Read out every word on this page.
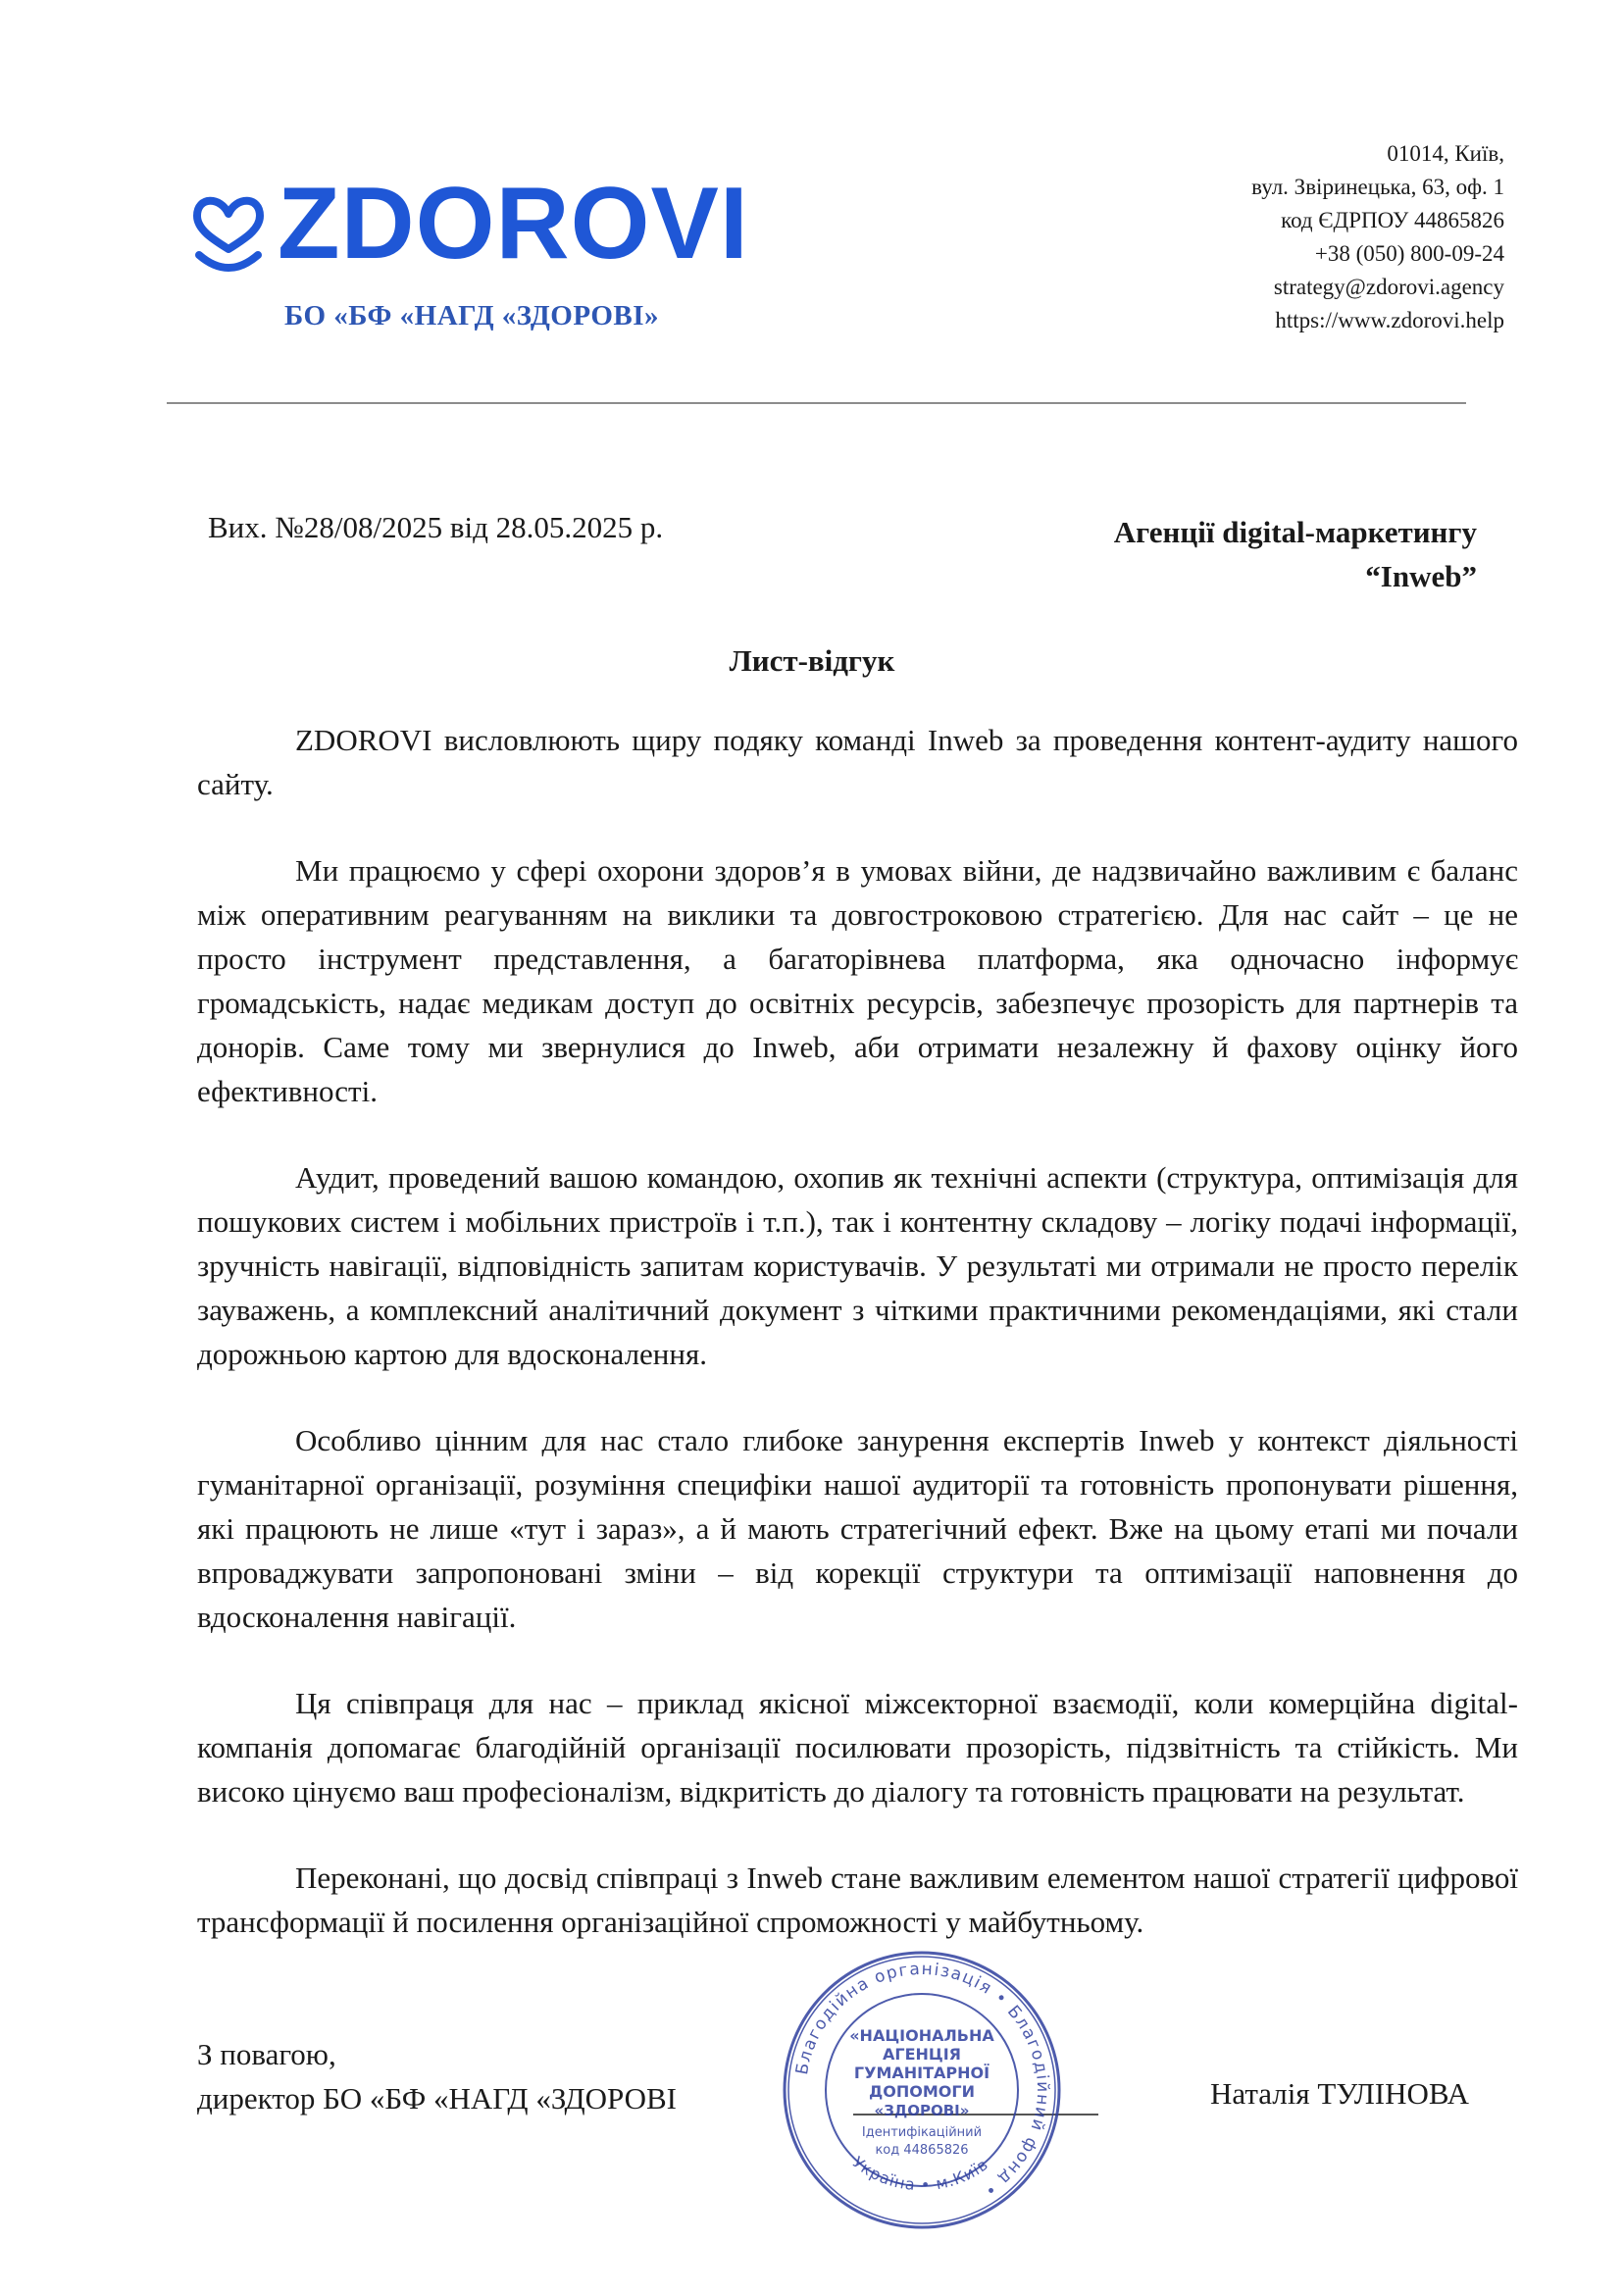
ZDOROVI
БО «БФ «НАГД «ЗДОРОВІ»
01014, Київ,
вул. Звіринецька, 63, оф. 1
код ЄДРПОУ 44865826
+38 (050) 800-09-24
strategy@zdorovi.agency
https://www.zdorovi.help
Вих. №28/08/2025 від 28.05.2025 р.	Агенції digital-маркетингу
“Inweb”
Лист-відгук

ZDOROVI висловлюють щиру подяку команді Inweb за проведення контент-аудиту нашого сайту.

Ми працюємо у сфері охорони здоров’я в умовах війни, де надзвичайно важливим є баланс між оперативним реагуванням на виклики та довгостроковою стратегією. Для нас сайт – це не просто інструмент представлення, а багаторівнева платформа, яка одночасно інформує громадськість, надає медикам доступ до освітніх ресурсів, забезпечує прозорість для партнерів та донорів. Саме тому ми звернулися до Inweb, аби отримати незалежну й фахову оцінку його ефективності.

Аудит, проведений вашою командою, охопив як технічні аспекти (структура, оптимізація для пошукових систем і мобільних пристроїв і т.п.), так і контентну складову – логіку подачі інформації, зручність навігації, відповідність запитам користувачів. У результаті ми отримали не просто перелік зауважень, а комплексний аналітичний документ з чіткими практичними рекомендаціями, які стали дорожньою картою для вдосконалення.

Особливо цінним для нас стало глибоке занурення експертів Inweb у контекст діяльності гуманітарної організації, розуміння специфіки нашої аудиторії та готовність пропонувати рішення, які працюють не лише «тут і зараз», а й мають стратегічний ефект. Вже на цьому етапі ми почали впроваджувати запропоновані зміни – від корекції структури та оптимізації наповнення до вдосконалення навігації.

Ця співпраця для нас – приклад якісної міжсекторної взаємодії, коли комерційна digital-компанія допомагає благодійній організації посилювати прозорість, підзвітність та стійкість. Ми високо цінуємо ваш професіоналізм, відкритість до діалогу та готовність працювати на результат.

Переконані, що досвід співпраці з Inweb стане важливим елементом нашої стратегії цифрової трансформації й посилення організаційної спроможності у майбутньому.

З повагою,
директор БО «БФ «НАГД «ЗДОРОВІ	Наталія ТУЛІНОВА
Благодійна організація • Благодійний фонд •
Україна • м.Київ
«НАЦІОНАЛЬНА
АГЕНЦІЯ
ГУМАНІТАРНОЇ
ДОПОМОГИ
«ЗДОРОВІ»
Ідентифікаційний
код 44865826
